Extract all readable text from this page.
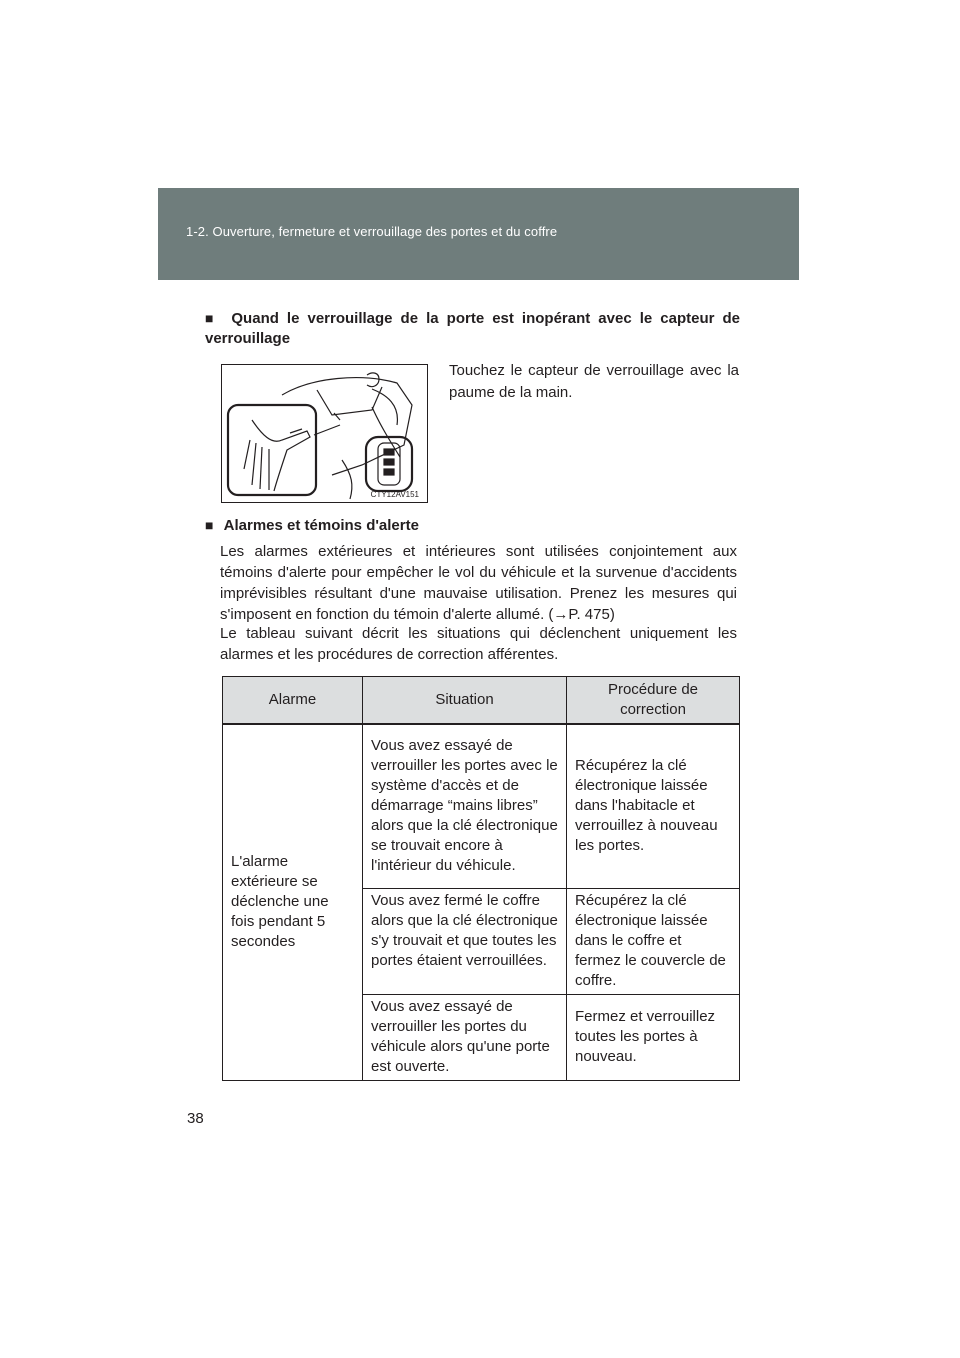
1-2. Ouverture, fermeture et verrouillage des portes et du coffre
■ Quand le verrouillage de la porte est inopérant avec le capteur de verrouillage
CTY12AV151
Touchez le capteur de verrouillage avec la paume de la main.
■ Alarmes et témoins d'alerte
Les alarmes extérieures et intérieures sont utilisées conjointement aux témoins d'alerte pour empêcher le vol du véhicule et la survenue d'accidents imprévisibles résultant d'une mauvaise utilisation. Prenez les mesures qui s'imposent en fonction du témoin d'alerte allumé. (→P. 475)
Le tableau suivant décrit les situations qui déclenchent uniquement les alarmes et les procédures de correction afférentes.
Alarme	Situation	Procédure de correction
L'alarme extérieure se déclenche une fois pendant 5 secondes	Vous avez essayé de verrouiller les portes avec le système d'accès et de démarrage “mains libres” alors que la clé électronique se trouvait encore à l'intérieur du véhicule.	Récupérez la clé électronique laissée dans l'habitacle et verrouillez à nouveau les portes.
	Vous avez fermé le coffre alors que la clé électronique s'y trouvait et que toutes les portes étaient verrouillées.	Récupérez la clé électronique laissée dans le coffre et fermez le couvercle de coffre.
	Vous avez essayé de verrouiller les portes du véhicule alors qu'une porte est ouverte.	Fermez et verrouillez toutes les portes à nouveau.
38
